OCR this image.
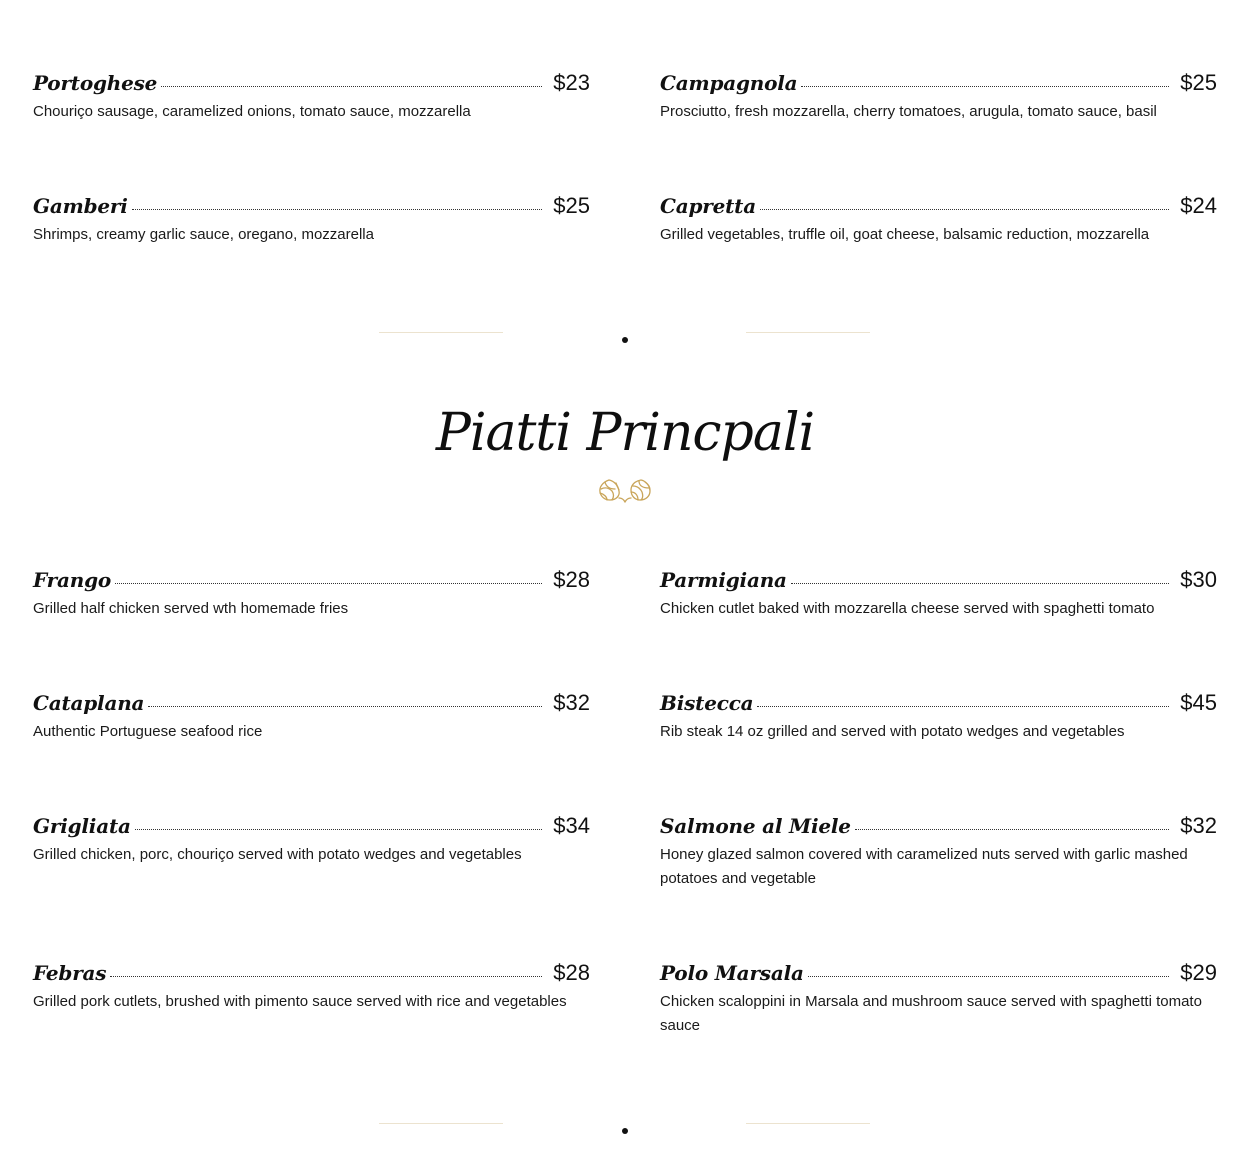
Portoghese	$23
Chouriço sausage, caramelized onions, tomato sauce, mozzarella
Campagnola	$25
Prosciutto, fresh mozzarella, cherry tomatoes, arugula, tomato sauce, basil
Gamberi	$25
Shrimps, creamy garlic sauce, oregano, mozzarella
Capretta	$24
Grilled vegetables, truffle oil, goat cheese, balsamic reduction, mozzarella
Piatti Princpali
Frango	$28
Grilled half chicken served wth homemade fries
Parmigiana	$30
Chicken cutlet baked with mozzarella cheese served with spaghetti tomato
Cataplana	$32
Authentic Portuguese seafood rice
Bistecca	$45
Rib steak 14 oz grilled and served with potato wedges and vegetables
Grigliata	$34
Grilled chicken, porc, chouriço served with potato wedges and vegetables
Salmone al Miele	$32
Honey glazed salmon covered with caramelized nuts served with garlic mashed potatoes and vegetable
Febras	$28
Grilled pork cutlets, brushed with pimento sauce served with rice and vegetables
Polo Marsala	$29
Chicken scaloppini in Marsala and mushroom sauce served with spaghetti tomato sauce
